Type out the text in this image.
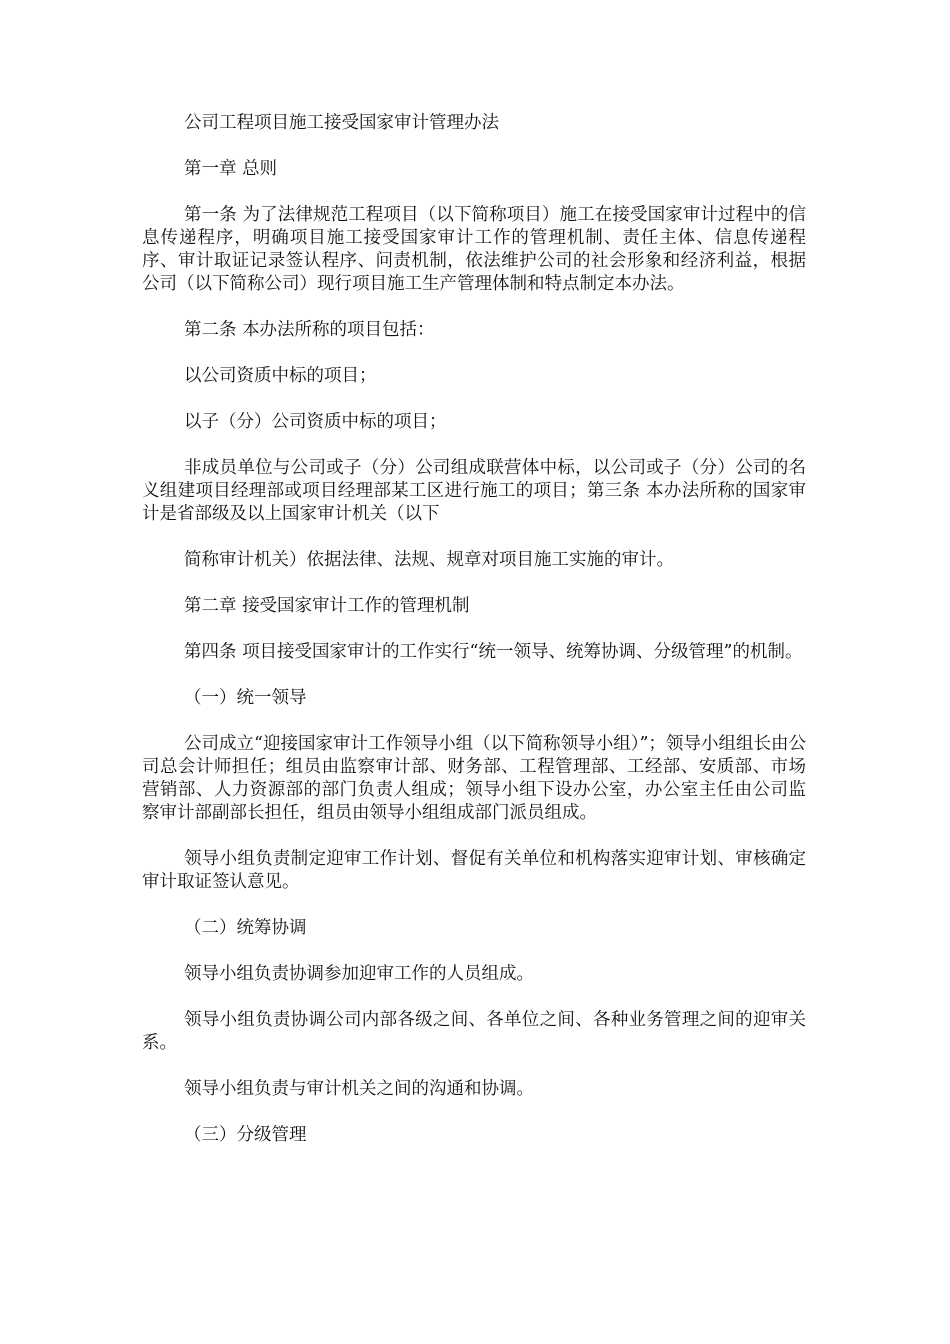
公司工程项目施工接受国家审计管理办法

第一章 总则

第一条 为了法律规范工程项目（以下简称项目）施工在接受国家审计过程中的信息传递程序，明确项目施工接受国家审计工作的管理机制、责任主体、信息传递程序、审计取证记录签认程序、问责机制，依法维护公司的社会形象和经济利益，根据公司（以下简称公司）现行项目施工生产管理体制和特点制定本办法。

第二条 本办法所称的项目包括：

以公司资质中标的项目；

以子（分）公司资质中标的项目；

非成员单位与公司或子（分）公司组成联营体中标，以公司或子（分）公司的名义组建项目经理部或项目经理部某工区进行施工的项目；第三条 本办法所称的国家审计是省部级及以上国家审计机关（以下

简称审计机关）依据法律、法规、规章对项目施工实施的审计。

第二章 接受国家审计工作的管理机制

第四条 项目接受国家审计的工作实行“统一领导、统筹协调、分级管理”的机制。

（一）统一领导

公司成立“迎接国家审计工作领导小组（以下简称领导小组）”；领导小组组长由公司总会计师担任；组员由监察审计部、财务部、工程管理部、工经部、安质部、市场营销部、人力资源部的部门负责人组成；领导小组下设办公室，办公室主任由公司监察审计部副部长担任，组员由领导小组组成部门派员组成。

领导小组负责制定迎审工作计划、督促有关单位和机构落实迎审计划、审核确定审计取证签认意见。

（二）统筹协调

领导小组负责协调参加迎审工作的人员组成。

领导小组负责协调公司内部各级之间、各单位之间、各种业务管理之间的迎审关系。

领导小组负责与审计机关之间的沟通和协调。

（三）分级管理
